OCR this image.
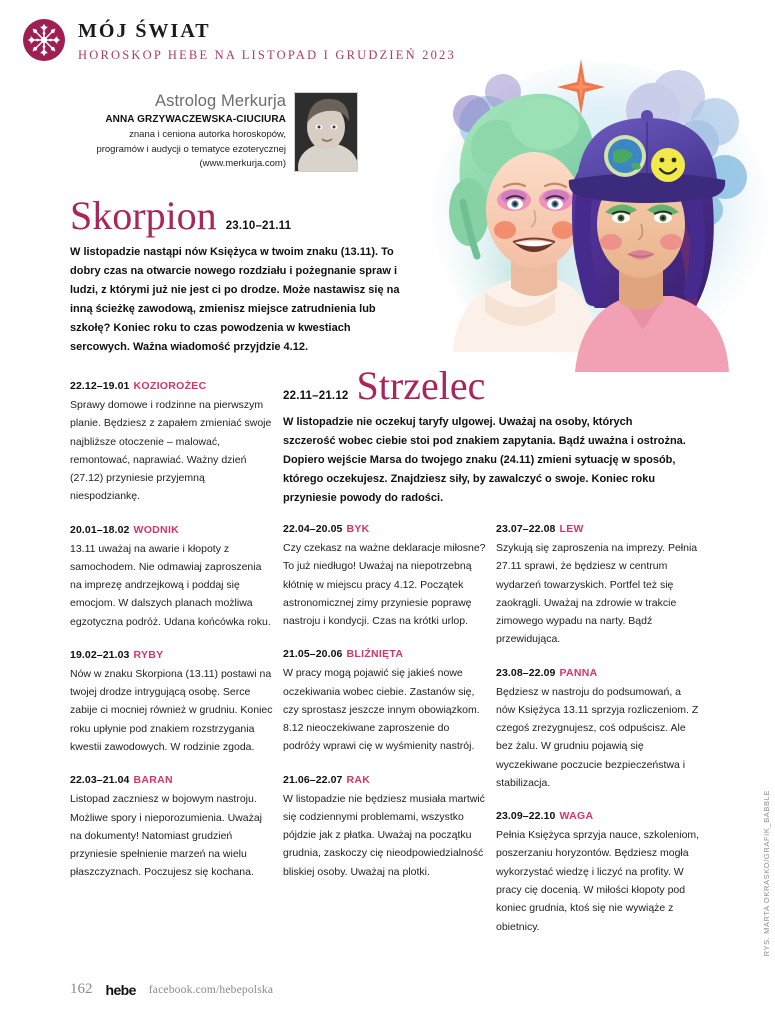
MÓJ ŚWIAT
HOROSKOP HEBE NA LISTOPAD I GRUDZIEŃ 2023
Astrolog Merkurja
ANNA GRZYWACZEWSKA-CIUCIURA
znana i ceniona autorka horoskopów, programów i audycji o tematyce ezoterycznej (www.merkurja.com)
Skorpion 23.10–21.11
W listopadzie nastąpi nów Księżyca w twoim znaku (13.11). To dobry czas na otwarcie nowego rozdziału i pożegnanie spraw i ludzi, z którymi już nie jest ci po drodze. Może nastawisz się na inną ścieżkę zawodową, zmienisz miejsce zatrudnienia lub szkołę? Koniec roku to czas powodzenia w kwestiach sercowych. Ważna wiadomość przyjdzie 4.12.
22.11–21.12 Strzelec
W listopadzie nie oczekuj taryfy ulgowej. Uważaj na osoby, których szczerość wobec ciebie stoi pod znakiem zapytania. Bądź uważna i ostrożna. Dopiero wejście Marsa do twojego znaku (24.11) zmieni sytuację w sposób, którego oczekujesz. Znajdziesz siły, by zawalczyć o swoje. Koniec roku przyniesie powody do radości.
22.12–19.01 KOZIOROŻEC
Sprawy domowe i rodzinne na pierwszym planie. Będziesz z zapałem zmieniać swoje najbliższe otoczenie – malować, remontować, naprawiać. Ważny dzień (27.12) przyniesie przyjemną niespodziankę.
20.01–18.02 WODNIK
13.11 uważaj na awarie i kłopoty z samochodem. Nie odmawiaj zaproszenia na imprezę andrzejkową i poddaj się emocjom. W dalszych planach możliwa egzotyczna podróż. Udana końcówka roku.
19.02–21.03 RYBY
Nów w znaku Skorpiona (13.11) postawi na twojej drodze intrygującą osobę. Serce zabije ci mocniej również w grudniu. Koniec roku upłynie pod znakiem rozstrzygania kwestii zawodowych. W rodzinie zgoda.
22.03–21.04 BARAN
Listopad zaczniesz w bojowym nastroju. Możliwe spory i nieporozumienia. Uważaj na dokumenty! Natomiast grudzień przyniesie spełnienie marzeń na wielu płaszczyznach. Poczujesz się kochana.
22.04–20.05 BYK
Czy czekasz na ważne deklaracje miłosne? To już niedługo! Uważaj na niepotrzebną kłótnię w miejscu pracy 4.12. Początek astronomicznej zimy przyniesie poprawę nastroju i kondycji. Czas na krótki urlop.
21.05–20.06 BLIŹNIĘTA
W pracy mogą pojawić się jakieś nowe oczekiwania wobec ciebie. Zastanów się, czy sprostasz jeszcze innym obowiązkom. 8.12 nieoczekiwane zaproszenie do podróży wprawi cię w wyśmienity nastrój.
21.06–22.07 RAK
W listopadzie nie będziesz musiała martwić się codziennymi problemami, wszystko pójdzie jak z płatka. Uważaj na początku grudnia, zaskoczy cię nieodpowiedzialność bliskiej osoby. Uważaj na plotki.
23.07–22.08 LEW
Szykują się zaproszenia na imprezy. Pełnia 27.11 sprawi, że będziesz w centrum wydarzeń towarzyskich. Portfel też się zaokrągli. Uważaj na zdrowie w trakcie zimowego wypadu na narty. Bądź przewidująca.
23.08–22.09 PANNA
Będziesz w nastroju do podsumowań, a nów Księżyca 13.11 sprzyja rozliczeniom. Z czegoś zrezygnujesz, coś odpuścisz. Ale bez żalu. W grudniu pojawią się wyczekiwane poczucie bezpieczeństwa i stabilizacja.
23.09–22.10 WAGA
Pełnia Księżyca sprzyja nauce, szkoleniom, poszerzaniu horyzontów. Będziesz mogła wykorzystać wiedzę i liczyć na profity. W pracy cię docenią. W miłości kłopoty pod koniec grudnia, ktoś się nie wywiąże z obietnicy.	RYS. MARTA OKRASKO/GRAFIK_BABBLE
162 hebe facebook.com/hebepolska
